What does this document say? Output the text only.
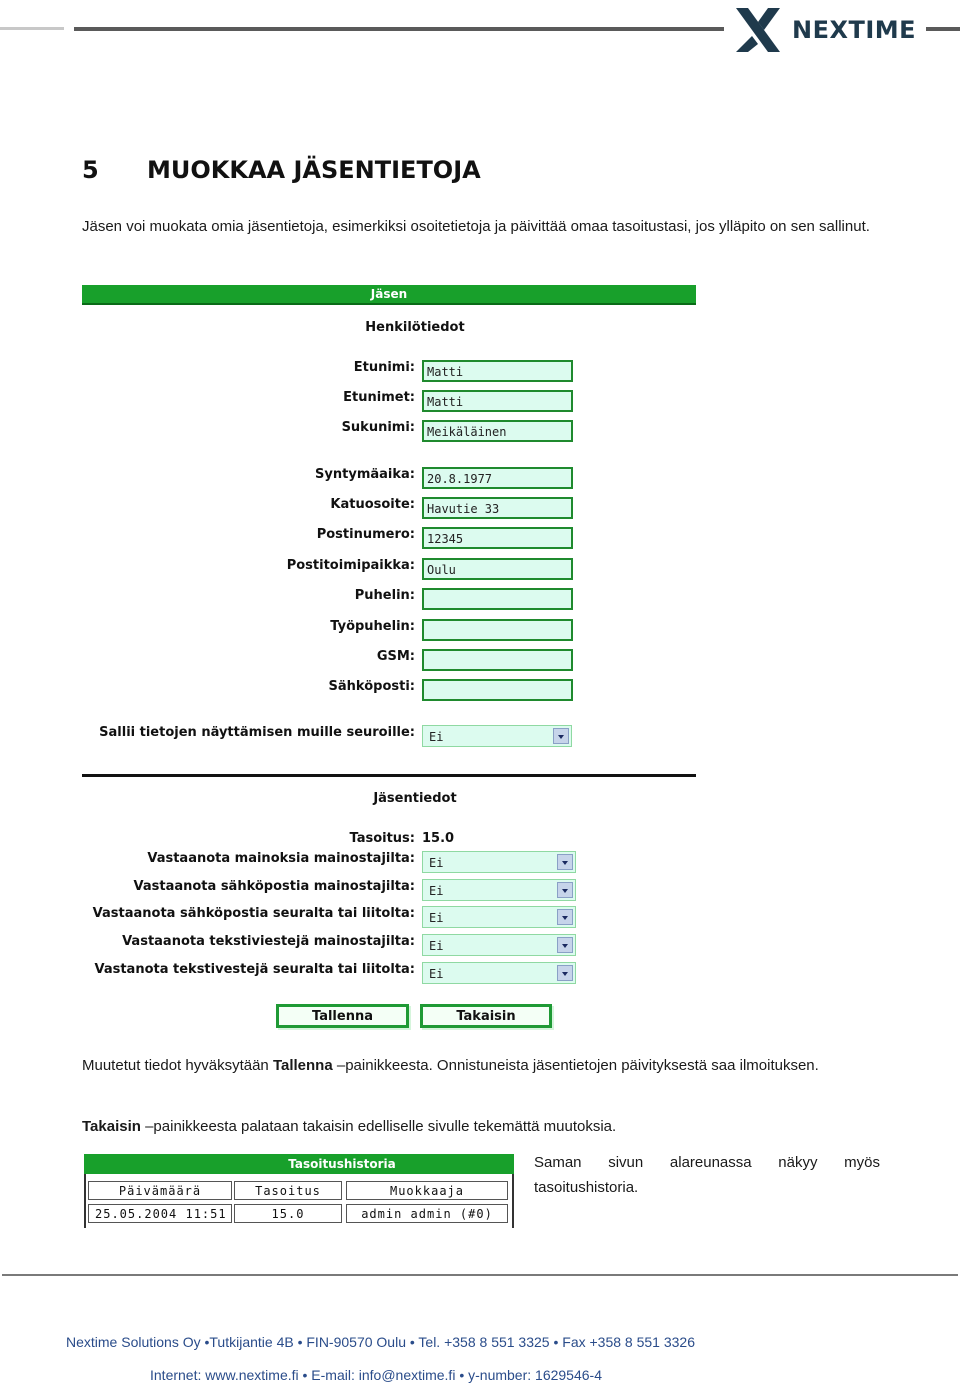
NEXTIME
5 MUOKKAA JÄSENTIETOJA
Jäsen voi muokata omia jäsentietoja, esimerkiksi osoitetietoja ja päivittää omaa tasoitustasi, jos ylläpito on sen sallinut.
Jäsen
Henkilötiedot
Etunimi:	Matti
Etunimet:	Matti
Sukunimi:	Meikäläinen
Syntymäaika:	20.8.1977
Katuosoite:	Havutie 33
Postinumero:	12345
Postitoimipaikka:	Oulu
Puhelin:
Työpuhelin:
GSM:
Sähköposti:
Sallii tietojen näyttämisen muille seuroille:	Ei
Jäsentiedot
Tasoitus: 15.0
Vastaanota mainoksia mainostajilta:	Ei
Vastaanota sähköpostia mainostajilta:	Ei
Vastaanota sähköpostia seuralta tai liitolta:	Ei
Vastaanota tekstiviestejä mainostajilta:	Ei
Vastanota tekstivestejä seuralta tai liitolta:	Ei
Tallenna	Takaisin
Muutetut tiedot hyväksytään Tallenna –painikkeesta. Onnistuneista jäsentietojen päivityksestä saa ilmoituksen.
Takaisin –painikkeesta palataan takaisin edelliselle sivulle tekemättä muutoksia.
Tasoitushistoria
Päivämäärä	Tasoitus	Muokkaaja
25.05.2004 11:51	15.0	admin admin (#0)
Saman sivun alareunassa näkyy myös tasoitushistoria.
Nextime Solutions Oy •Tutkijantie 4B • FIN-90570 Oulu • Tel. +358 8 551 3325 • Fax +358 8 551 3326
Internet: www.nextime.fi • E-mail: info@nextime.fi • y-number: 1629546-4
